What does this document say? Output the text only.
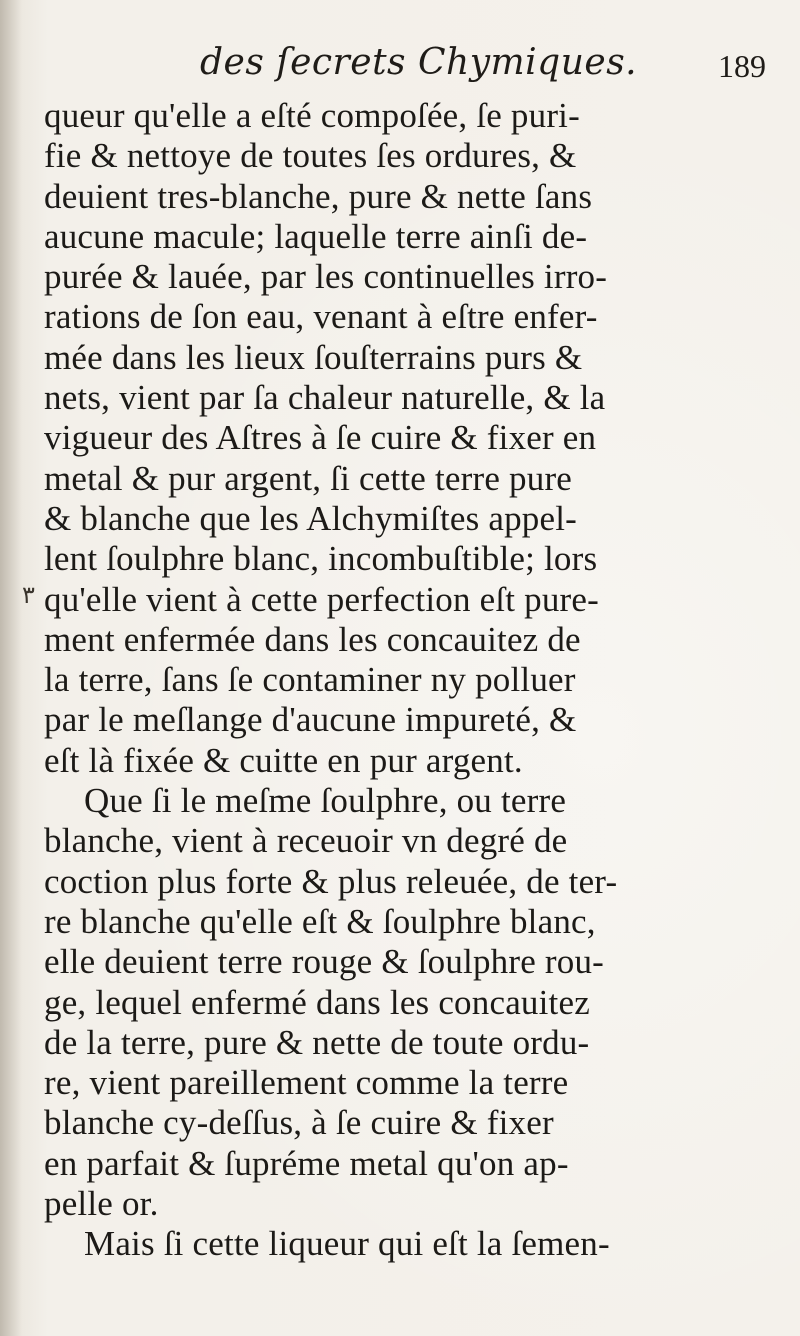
des ſecrets Chymiques.	189
٣
queur qu'elle a eſté compoſée, ſe puri-
fie & nettoye de toutes ſes ordures, &
deuient tres-blanche, pure & nette ſans
aucune macule; laquelle terre ainſi de-
purée & lauée, par les continuelles irro-
rations de ſon eau, venant à eſtre enfer-
mée dans les lieux ſouſterrains purs &
nets, vient par ſa chaleur naturelle, & la
vigueur des Aſtres à ſe cuire & fixer en
metal & pur argent, ſi cette terre pure
& blanche que les Alchymiſtes appel-
lent ſoulphre blanc, incombuſtible; lors
qu'elle vient à cette perfection eſt pure-
ment enfermée dans les concauitez de
la terre, ſans ſe contaminer ny polluer
par le meſlange d'aucune impureté, &
eſt là fixée & cuitte en pur argent.
Que ſi le meſme ſoulphre, ou terre
blanche, vient à receuoir vn degré de
coction plus forte & plus releuée, de ter-
re blanche qu'elle eſt & ſoulphre blanc,
elle deuient terre rouge & ſoulphre rou-
ge, lequel enfermé dans les concauitez
de la terre, pure & nette de toute ordu-
re, vient pareillement comme la terre
blanche cy-deſſus, à ſe cuire & fixer
en parfait & ſupréme metal qu'on ap-
pelle or.
Mais ſi cette liqueur qui eſt la ſemen-
